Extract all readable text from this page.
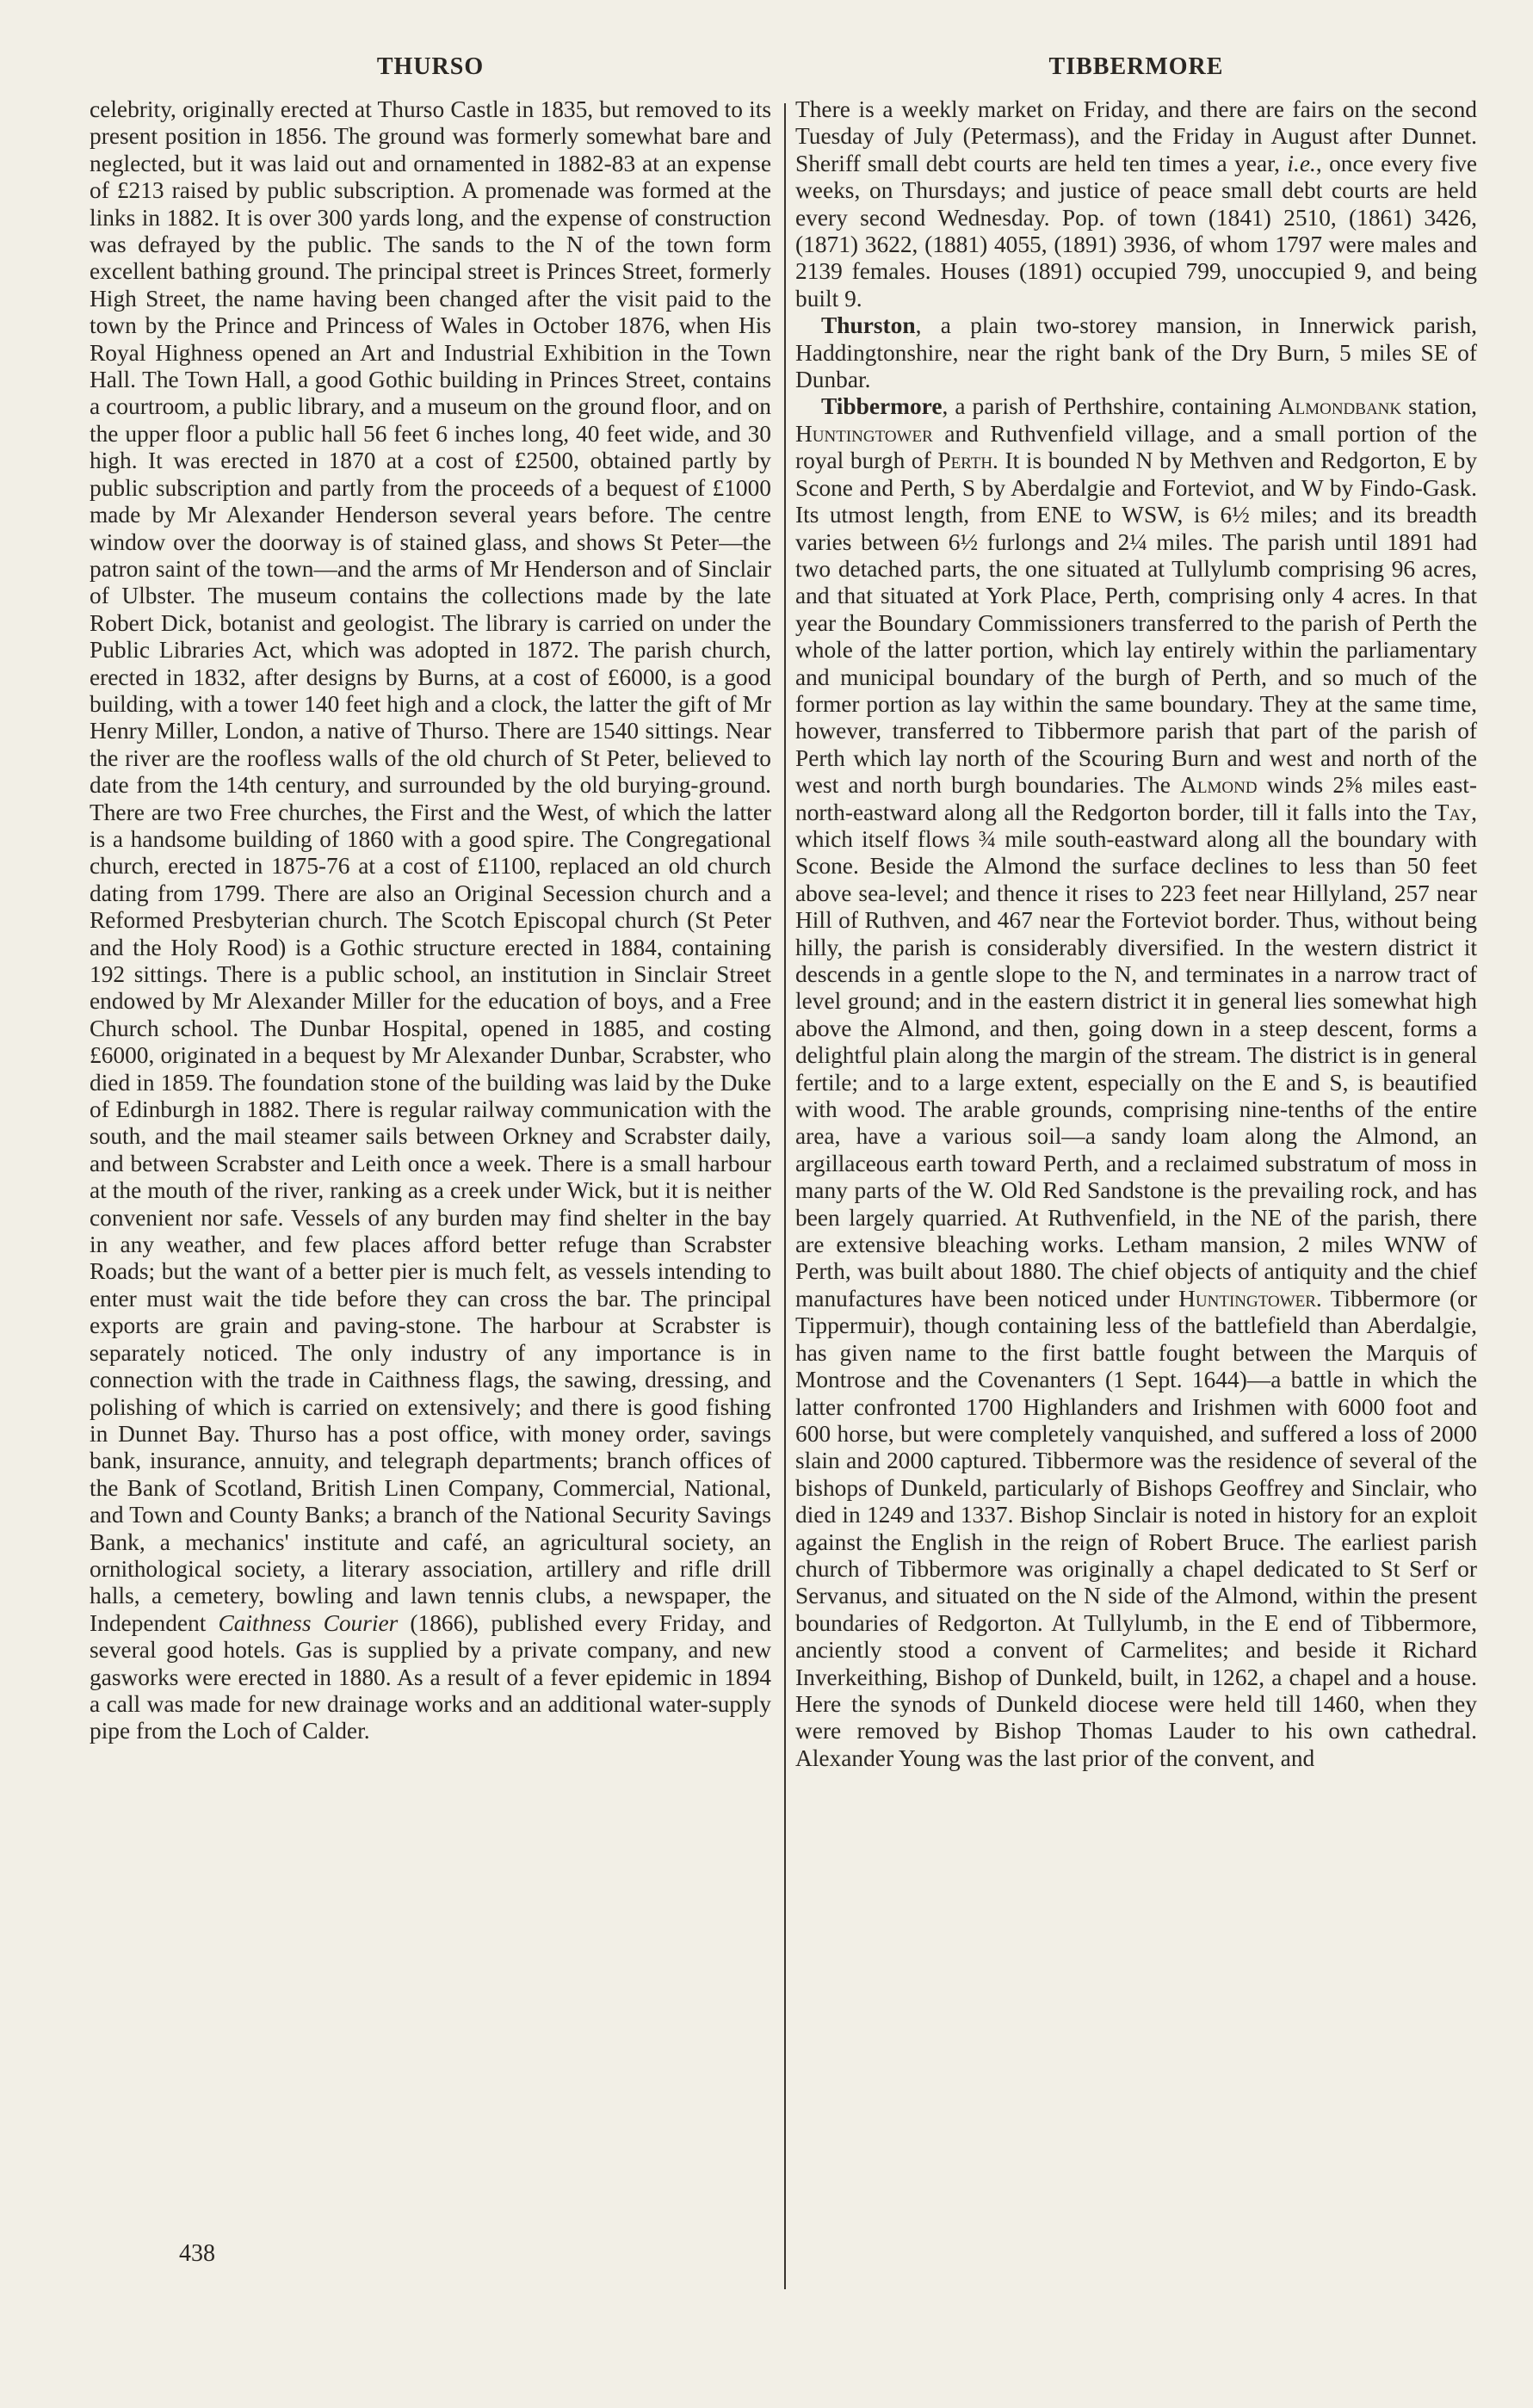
THURSO	TIBBERMORE

celebrity, originally erected at Thurso Castle in 1835, but removed to its present position in 1856. The ground was formerly somewhat bare and neglected, but it was laid out and ornamented in 1882-83 at an expense of £213 raised by public subscription. A promenade was formed at the links in 1882. It is over 300 yards long, and the expense of construction was defrayed by the public. The sands to the N of the town form excellent bathing ground. The principal street is Princes Street, formerly High Street, the name having been changed after the visit paid to the town by the Prince and Princess of Wales in October 1876, when His Royal Highness opened an Art and Industrial Exhibition in the Town Hall. The Town Hall, a good Gothic building in Princes Street, contains a courtroom, a public library, and a museum on the ground floor, and on the upper floor a public hall 56 feet 6 inches long, 40 feet wide, and 30 high. It was erected in 1870 at a cost of £2500, obtained partly by public subscription and partly from the proceeds of a bequest of £1000 made by Mr Alexander Henderson several years before. The centre window over the doorway is of stained glass, and shows St Peter—the patron saint of the town—and the arms of Mr Henderson and of Sinclair of Ulbster. The museum contains the collections made by the late Robert Dick, botanist and geologist. The library is carried on under the Public Libraries Act, which was adopted in 1872. The parish church, erected in 1832, after designs by Burns, at a cost of £6000, is a good building, with a tower 140 feet high and a clock, the latter the gift of Mr Henry Miller, London, a native of Thurso. There are 1540 sittings. Near the river are the roofless walls of the old church of St Peter, believed to date from the 14th century, and surrounded by the old burying-ground. There are two Free churches, the First and the West, of which the latter is a handsome building of 1860 with a good spire. The Congregational church, erected in 1875-76 at a cost of £1100, replaced an old church dating from 1799. There are also an Original Secession church and a Reformed Presbyterian church. The Scotch Episcopal church (St Peter and the Holy Rood) is a Gothic structure erected in 1884, containing 192 sittings. There is a public school, an institution in Sinclair Street endowed by Mr Alexander Miller for the education of boys, and a Free Church school. The Dunbar Hospital, opened in 1885, and costing £6000, originated in a bequest by Mr Alexander Dunbar, Scrabster, who died in 1859. The foundation stone of the building was laid by the Duke of Edinburgh in 1882. There is regular railway communication with the south, and the mail steamer sails between Orkney and Scrabster daily, and between Scrabster and Leith once a week. There is a small harbour at the mouth of the river, ranking as a creek under Wick, but it is neither convenient nor safe. Vessels of any burden may find shelter in the bay in any weather, and few places afford better refuge than Scrabster Roads; but the want of a better pier is much felt, as vessels intending to enter must wait the tide before they can cross the bar. The principal exports are grain and paving-stone. The harbour at Scrabster is separately noticed. The only industry of any importance is in connection with the trade in Caithness flags, the sawing, dressing, and polishing of which is carried on extensively; and there is good fishing in Dunnet Bay. Thurso has a post office, with money order, savings bank, insurance, annuity, and telegraph departments; branch offices of the Bank of Scotland, British Linen Company, Commercial, National, and Town and County Banks; a branch of the National Security Savings Bank, a mechanics' institute and café, an agricultural society, an ornithological society, a literary association, artillery and rifle drill halls, a cemetery, bowling and lawn tennis clubs, a newspaper, the Independent Caithness Courier (1866), published every Friday, and several good hotels. Gas is supplied by a private company, and new gasworks were erected in 1880. As a result of a fever epidemic in 1894 a call was made for new drainage works and an additional water-supply pipe from the Loch of Calder.

There is a weekly market on Friday, and there are fairs on the second Tuesday of July (Petermass), and the Friday in August after Dunnet. Sheriff small debt courts are held ten times a year, i.e., once every five weeks, on Thursdays; and justice of peace small debt courts are held every second Wednesday. Pop. of town (1841) 2510, (1861) 3426, (1871) 3622, (1881) 4055, (1891) 3936, of whom 1797 were males and 2139 females. Houses (1891) occupied 799, unoccupied 9, and being built 9.

Thurston, a plain two-storey mansion, in Innerwick parish, Haddingtonshire, near the right bank of the Dry Burn, 5 miles SE of Dunbar.

Tibbermore, a parish of Perthshire, containing Almondbank station, Huntingtower and Ruthvenfield village, and a small portion of the royal burgh of Perth. It is bounded N by Methven and Redgorton, E by Scone and Perth, S by Aberdalgie and Forteviot, and W by Findo-Gask. Its utmost length, from ENE to WSW, is 6½ miles; and its breadth varies between 6½ furlongs and 2¼ miles. The parish until 1891 had two detached parts, the one situated at Tullylumb comprising 96 acres, and that situated at York Place, Perth, comprising only 4 acres. In that year the Boundary Commissioners transferred to the parish of Perth the whole of the latter portion, which lay entirely within the parliamentary and municipal boundary of the burgh of Perth, and so much of the former portion as lay within the same boundary. They at the same time, however, transferred to Tibbermore parish that part of the parish of Perth which lay north of the Scouring Burn and west and north of the west and north burgh boundaries. The Almond winds 2⅝ miles east-north-eastward along all the Redgorton border, till it falls into the Tay, which itself flows ¾ mile south-eastward along all the boundary with Scone. Beside the Almond the surface declines to less than 50 feet above sea-level; and thence it rises to 223 feet near Hillyland, 257 near Hill of Ruthven, and 467 near the Forteviot border. Thus, without being hilly, the parish is considerably diversified. In the western district it descends in a gentle slope to the N, and terminates in a narrow tract of level ground; and in the eastern district it in general lies somewhat high above the Almond, and then, going down in a steep descent, forms a delightful plain along the margin of the stream. The district is in general fertile; and to a large extent, especially on the E and S, is beautified with wood. The arable grounds, comprising nine-tenths of the entire area, have a various soil—a sandy loam along the Almond, an argillaceous earth toward Perth, and a reclaimed substratum of moss in many parts of the W. Old Red Sandstone is the prevailing rock, and has been largely quarried. At Ruthvenfield, in the NE of the parish, there are extensive bleaching works. Letham mansion, 2 miles WNW of Perth, was built about 1880. The chief objects of antiquity and the chief manufactures have been noticed under Huntingtower. Tibbermore (or Tippermuir), though containing less of the battlefield than Aberdalgie, has given name to the first battle fought between the Marquis of Montrose and the Covenanters (1 Sept. 1644)—a battle in which the latter confronted 1700 Highlanders and Irishmen with 6000 foot and 600 horse, but were completely vanquished, and suffered a loss of 2000 slain and 2000 captured. Tibbermore was the residence of several of the bishops of Dunkeld, particularly of Bishops Geoffrey and Sinclair, who died in 1249 and 1337. Bishop Sinclair is noted in history for an exploit against the English in the reign of Robert Bruce. The earliest parish church of Tibbermore was originally a chapel dedicated to St Serf or Servanus, and situated on the N side of the Almond, within the present boundaries of Redgorton. At Tullylumb, in the E end of Tibbermore, anciently stood a convent of Carmelites; and beside it Richard Inverkeithing, Bishop of Dunkeld, built, in 1262, a chapel and a house. Here the synods of Dunkeld diocese were held till 1460, when they were removed by Bishop Thomas Lauder to his own cathedral. Alexander Young was the last prior of the convent, and

438
